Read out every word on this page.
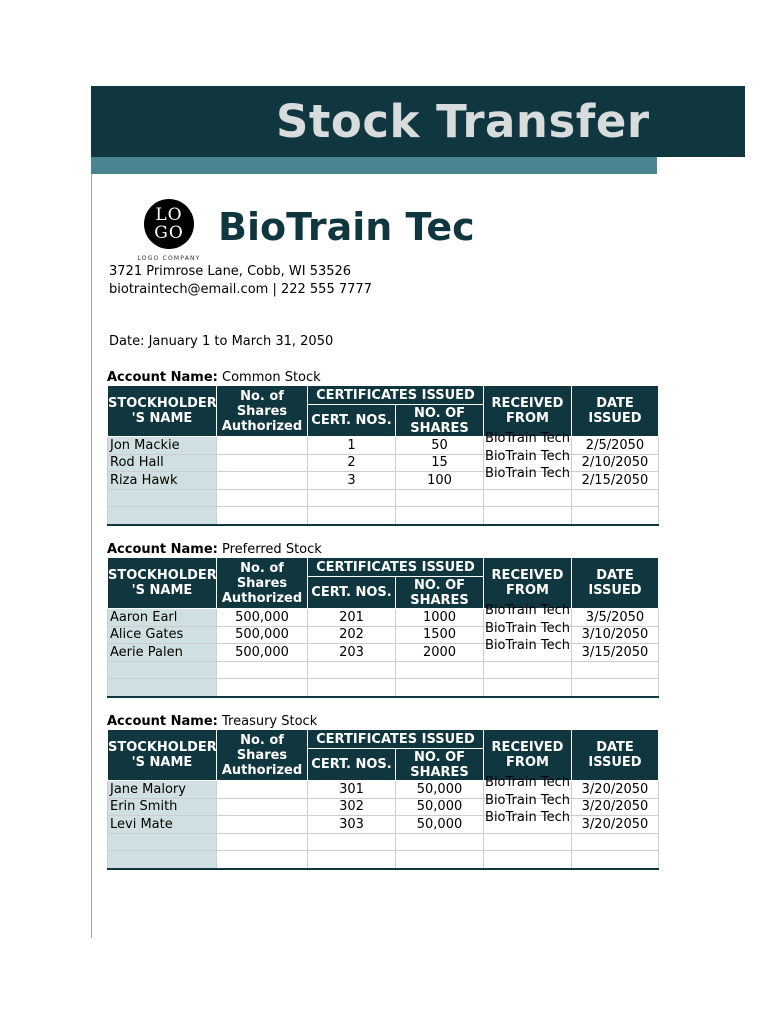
Stock Transfer
LO
GO
LOGO COMPANY
BioTrain Tec
3721 Primrose Lane, Cobb, WI 53526
biotraintech@email.com | 222 555 7777
Date: January 1 to March 31, 2050
Account Name: Common Stock
STOCKHOLDER 'S NAME	No. of Shares Authorized	CERTIFICATES ISSUED		RECEIVED FROM	DATE ISSUED
		CERT. NOS.	NO. OF SHARES		
Jon Mackie		1	50	BioTrain Tech	2/5/2050
Rod Hall		2	15	BioTrain Tech	2/10/2050
Riza Hawk		3	100	BioTrain Tech	2/15/2050

Account Name: Preferred Stock
STOCKHOLDER 'S NAME	No. of Shares Authorized	CERTIFICATES ISSUED		RECEIVED FROM	DATE ISSUED
		CERT. NOS.	NO. OF SHARES		
Aaron Earl	500,000	201	1000	BioTrain Tech	3/5/2050
Alice Gates	500,000	202	1500	BioTrain Tech	3/10/2050
Aerie Palen	500,000	203	2000	BioTrain Tech	3/15/2050

Account Name: Treasury Stock
STOCKHOLDER 'S NAME	No. of Shares Authorized	CERTIFICATES ISSUED		RECEIVED FROM	DATE ISSUED
		CERT. NOS.	NO. OF SHARES		
Jane Malory		301	50,000	BioTrain Tech	3/20/2050
Erin Smith		302	50,000	BioTrain Tech	3/20/2050
Levi Mate		303	50,000	BioTrain Tech	3/20/2050
